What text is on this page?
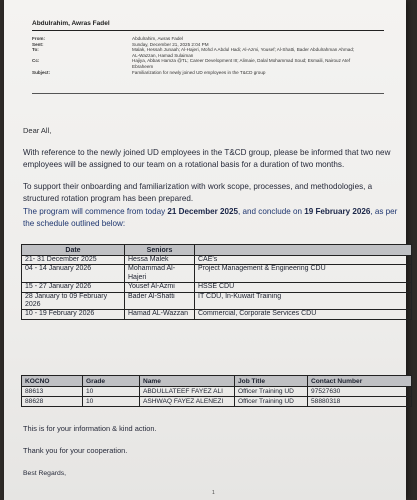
Abdulrahim, Awras Fadel
From:	Abdulrahim, Awras Fadel
Sent:	Sunday, December 21, 2025 2:04 PM
To:	Malak, Hessah Junaah; Al-Hajeri, Mohd A Abdul Hadi; Al-Azmi, Yousef; Al-Shatti, Bader Abdulrahman Ahmad; AL-Wazzan, Hamad Sulaiman
Cc:	Hajiya, Abbas Hamza @TL; Career Development III; Alimaie, Dalal Mohammad Soud; Esmaili, Nairouz Atef Ebraheem
Subject:	Familiarization for newly joined UD employees in the T&CD group
Dear All,
With reference to the newly joined UD employees in the T&CD group, please be informed that two new employees will be assigned to our team on a rotational basis for a duration of two months.
To support their onboarding and familiarization with work scope, processes, and methodologies, a structured rotation program has been prepared.
The program will commence from today 21 December 2025, and conclude on 19 February 2026, as per the schedule outlined below:
Date	Seniors	
21- 31 December 2025	Hessa Malek	CAE's
04 - 14 January 2026	Mohammad Al-Hajeri	Project Management & Engineering CDU
15 - 27 January 2026	Yousef Al-Azmi	HSSE CDU
28 January to 09 February 2026	Bader Al-Shatti	IT CDU, In-Kuwait Training
10 - 19 February 2026	Hamad AL-Wazzan	Commercial, Corporate Services CDU
KOCNO	Grade	Name	Job Title	Contact Number
88613	10	ABDULLATEEF FAYEZ ALI	Officer Training UD	97527630
88628	10	ASHWAQ FAYEZ ALENEZI	Officer Training UD	58880318
This is for your information & kind action.
Thank you for your cooperation.
Best Regards,
1
